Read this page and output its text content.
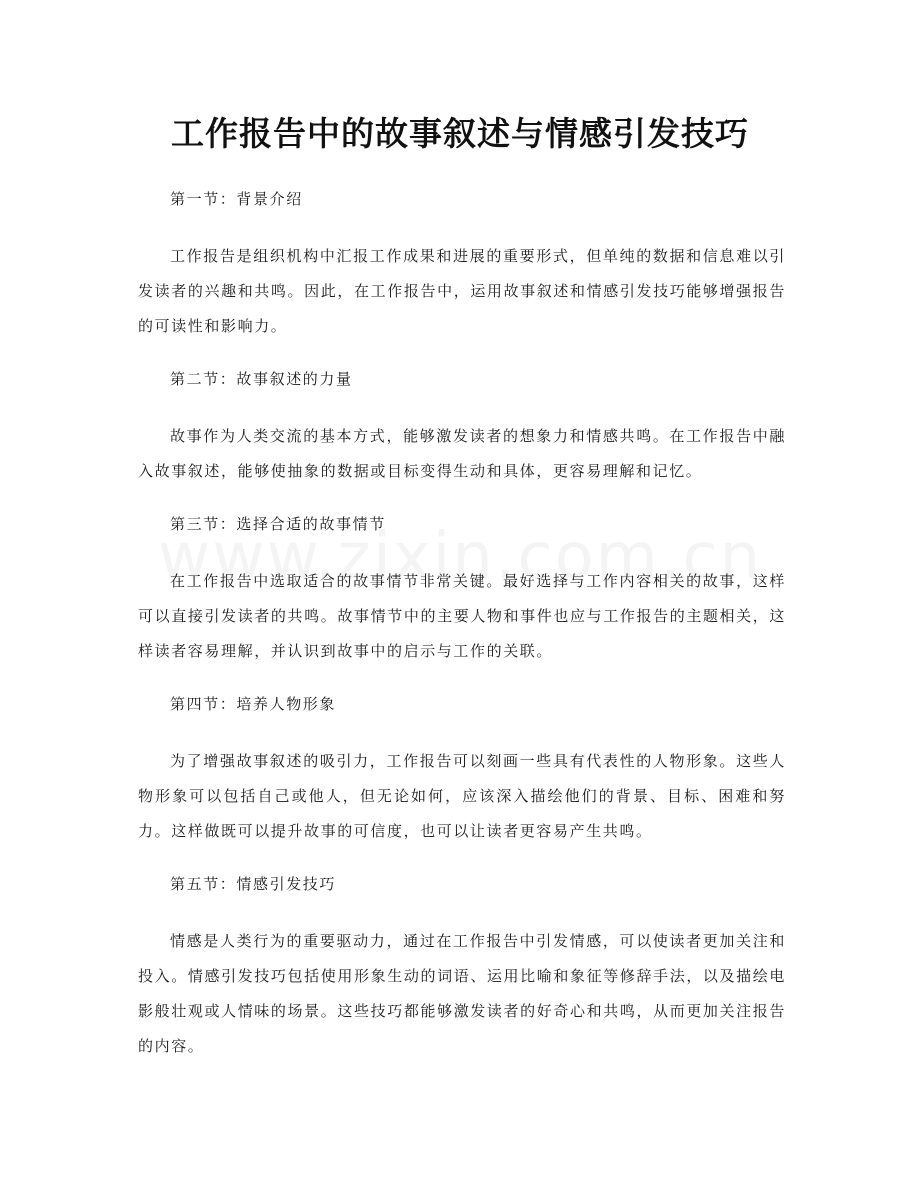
工作报告中的故事叙述与情感引发技巧

第一节：背景介绍

工作报告是组织机构中汇报工作成果和进展的重要形式，但单纯的数据和信息难以引发读者的兴趣和共鸣。因此，在工作报告中，运用故事叙述和情感引发技巧能够增强报告的可读性和影响力。

第二节：故事叙述的力量

故事作为人类交流的基本方式，能够激发读者的想象力和情感共鸣。在工作报告中融入故事叙述，能够使抽象的数据或目标变得生动和具体，更容易理解和记忆。

第三节：选择合适的故事情节

在工作报告中选取适合的故事情节非常关键。最好选择与工作内容相关的故事，这样可以直接引发读者的共鸣。故事情节中的主要人物和事件也应与工作报告的主题相关，这样读者容易理解，并认识到故事中的启示与工作的关联。

第四节：培养人物形象

为了增强故事叙述的吸引力，工作报告可以刻画一些具有代表性的人物形象。这些人物形象可以包括自己或他人，但无论如何，应该深入描绘他们的背景、目标、困难和努力。这样做既可以提升故事的可信度，也可以让读者更容易产生共鸣。

第五节：情感引发技巧

情感是人类行为的重要驱动力，通过在工作报告中引发情感，可以使读者更加关注和投入。情感引发技巧包括使用形象生动的词语、运用比喻和象征等修辞手法，以及描绘电影般壮观或人情味的场景。这些技巧都能够激发读者的好奇心和共鸣，从而更加关注报告的内容。
